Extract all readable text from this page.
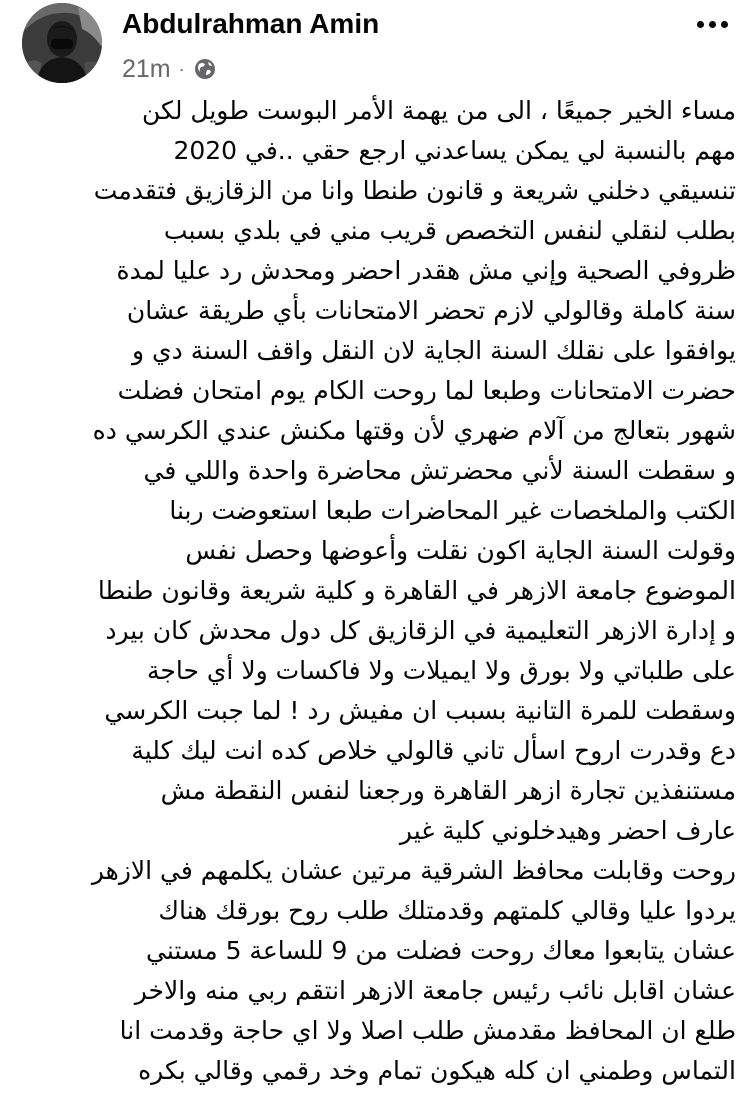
Abdulrahman Amin
21m ·
مساء الخير جميعًا ، الى من يهمة الأمر البوست طويل لكن
مهم بالنسبة لي يمكن يساعدني ارجع حقي ..في 2020
تنسيقي دخلني شريعة و قانون طنطا وانا من الزقازيق فتقدمت
بطلب لنقلي لنفس التخصص قريب مني في بلدي بسبب
ظروفي الصحية وإني مش هقدر احضر ومحدش رد عليا لمدة
سنة كاملة وقالولي لازم تحضر الامتحانات بأي طريقة عشان
يوافقوا على نقلك السنة الجاية لان النقل واقف السنة دي و
حضرت الامتحانات وطبعا لما روحت الكام يوم امتحان فضلت
شهور بتعالج من آلام ضهري لأن وقتها مكنش عندي الكرسي ده
و سقطت السنة لأني محضرتش محاضرة واحدة واللي في
الكتب والملخصات غير المحاضرات طبعا استعوضت ربنا
وقولت السنة الجاية اكون نقلت وأعوضها وحصل نفس
الموضوع جامعة الازهر في القاهرة و كلية شريعة وقانون طنطا
و إدارة الازهر التعليمية في الزقازيق كل دول محدش كان بيرد
على طلباتي ولا بورق ولا ايميلات ولا فاكسات ولا أي حاجة
وسقطت للمرة التانية بسبب ان مفيش رد ! لما جبت الكرسي
دع وقدرت اروح اسأل تاني قالولي خلاص كده انت ليك كلية
مستنفذين تجارة ازهر القاهرة ورجعنا لنفس النقطة مش
عارف احضر وهيدخلوني كلية غير
روحت وقابلت محافظ الشرقية مرتين عشان يكلمهم في الازهر
يردوا عليا وقالي كلمتهم وقدمتلك طلب روح بورقك هناك
عشان يتابعوا معاك روحت فضلت من 9 للساعة 5 مستني
عشان اقابل نائب رئيس جامعة الازهر انتقم ربي منه والاخر
طلع ان المحافظ مقدمش طلب اصلا ولا اي حاجة وقدمت انا
التماس وطمني ان كله هيكون تمام وخد رقمي وقالي بكره
